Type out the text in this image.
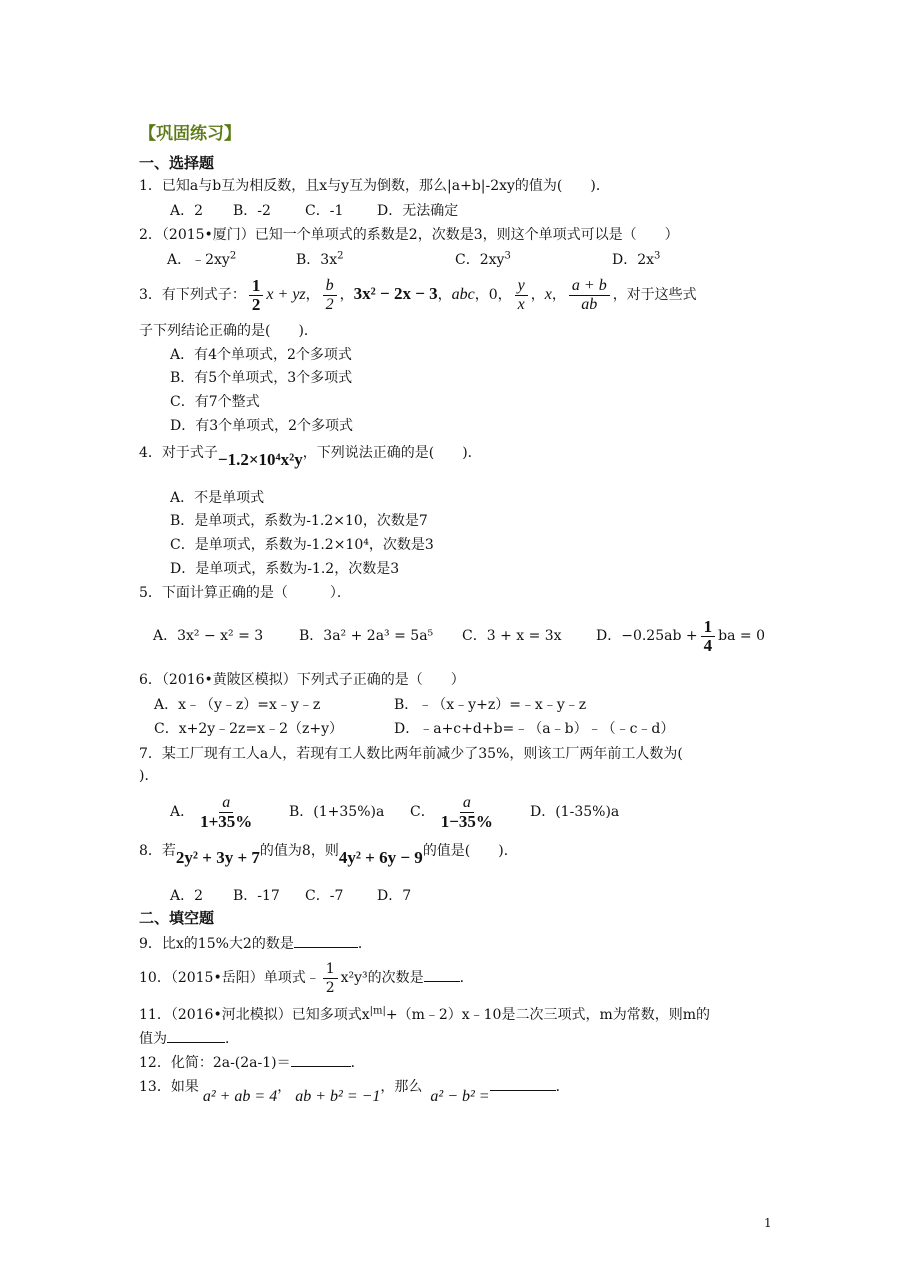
【巩固练习】
一、选择题
1．已知a与b互为相反数，且x与y互为倒数，那么|a+b|-2xy的值为(　　)．
A．2 B．-2 C．-1 D．无法确定
2．（2015•厦门）已知一个单项式的系数是2，次数是3，则这个单项式可以是（　　）
A．$﹣2xy^2$	B．$3x^2$	C．$2xy^3$	D．$2x^3$
3．有下列式子： $\frac{1}{2}$ x + yz， $\frac{b}{2}$ ，3x² − 2x − 3，abc，0， $\frac{y}{x}$ ，x， $\frac{a + b}{ab}$ ，对于这些式
子下列结论正确的是(　　)．
A．有4个单项式，2个多项式
B．有5个单项式，3个多项式
C．有7个整式
D．有3个单项式，2个多项式
4．对于式子−1.2×10⁴x²y，下列说法正确的是(　　)．
A．不是单项式
B．是单项式，系数为-1.2×10，次数是7
C．是单项式，系数为-1.2×10⁴，次数是3
D．是单项式，系数为-1.2，次数是3
5．下面计算正确的是（　　　）．
A．3x² − x² = 3	B．3a² + 2a³ = 5a⁵ C．3 + x = 3x D．$-0.25ab + \frac{1}{4}$ ba = 0
6．（2016•黄陂区模拟）下列式子正确的是（　　）
A．x﹣（y﹣z）=x﹣y﹣z	B．﹣（x﹣y+z）=﹣x﹣y﹣z
C．x+2y﹣2z=x﹣2（z+y）	D．﹣a+c+d+b=﹣（a﹣b）﹣（﹣c﹣d）
7．某工厂现有工人a人，若现有工人数比两年前减少了35%，则该工厂两年前工人数为(
)．
A． $\frac{a}{1+35\%}$ B．(1+35%)a C． $\frac{a}{1-35\%}$ D．(1-35%)a
8．若2y² + 3y + 7的值为8，则4y² + 6y − 9的值是(　　)．
A．2 B．-17 C．-7 D．7
二、填空题
9．比x的15%大2的数是	．
10．（2015•岳阳）单项式﹣ $\frac{1}{2} x^2y^3$的次数是	．
11．（2016•河北模拟）已知多项式$x^{|m|}+(m﹣2)x﹣10$是二次三项式，m为常数，则m的
值为	．
12．化简：2a-(2a-1)＝	．
13．如果a² + ab = 4，ab + b² = −1，那么a² − b² =．
1
